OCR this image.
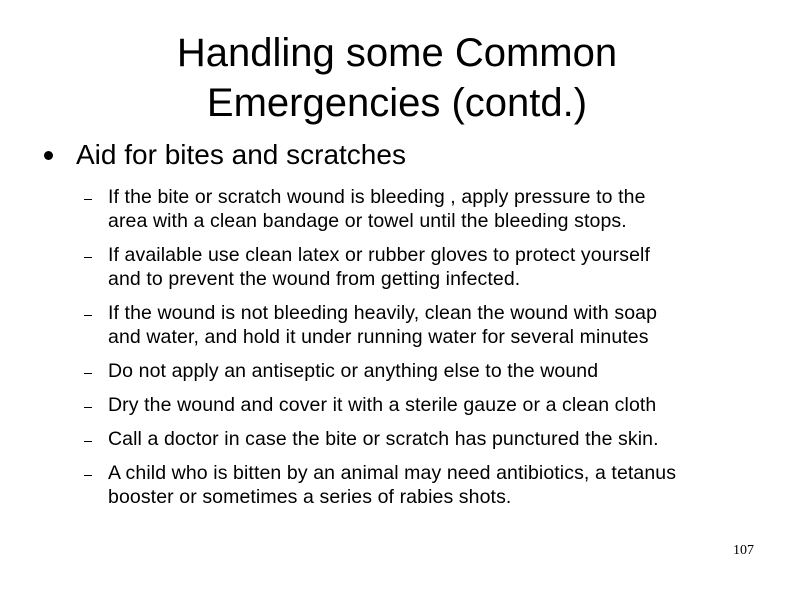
Handling some Common
Emergencies (contd.)
Aid for bites and scratches
If the bite or scratch wound is bleeding , apply pressure to the
area with a clean bandage or towel until the bleeding stops.
If available use clean latex or rubber gloves to protect yourself
and to prevent the wound from getting infected.
If the wound is not bleeding heavily, clean the wound with soap
and water, and hold it under running water for several minutes
Do not apply an antiseptic or anything else to the wound
Dry the wound and cover it with a sterile gauze or a clean cloth
Call a doctor in case the bite or scratch has punctured the skin.
A child who is bitten by an animal may need antibiotics, a tetanus
booster or sometimes a series of rabies shots.
107
